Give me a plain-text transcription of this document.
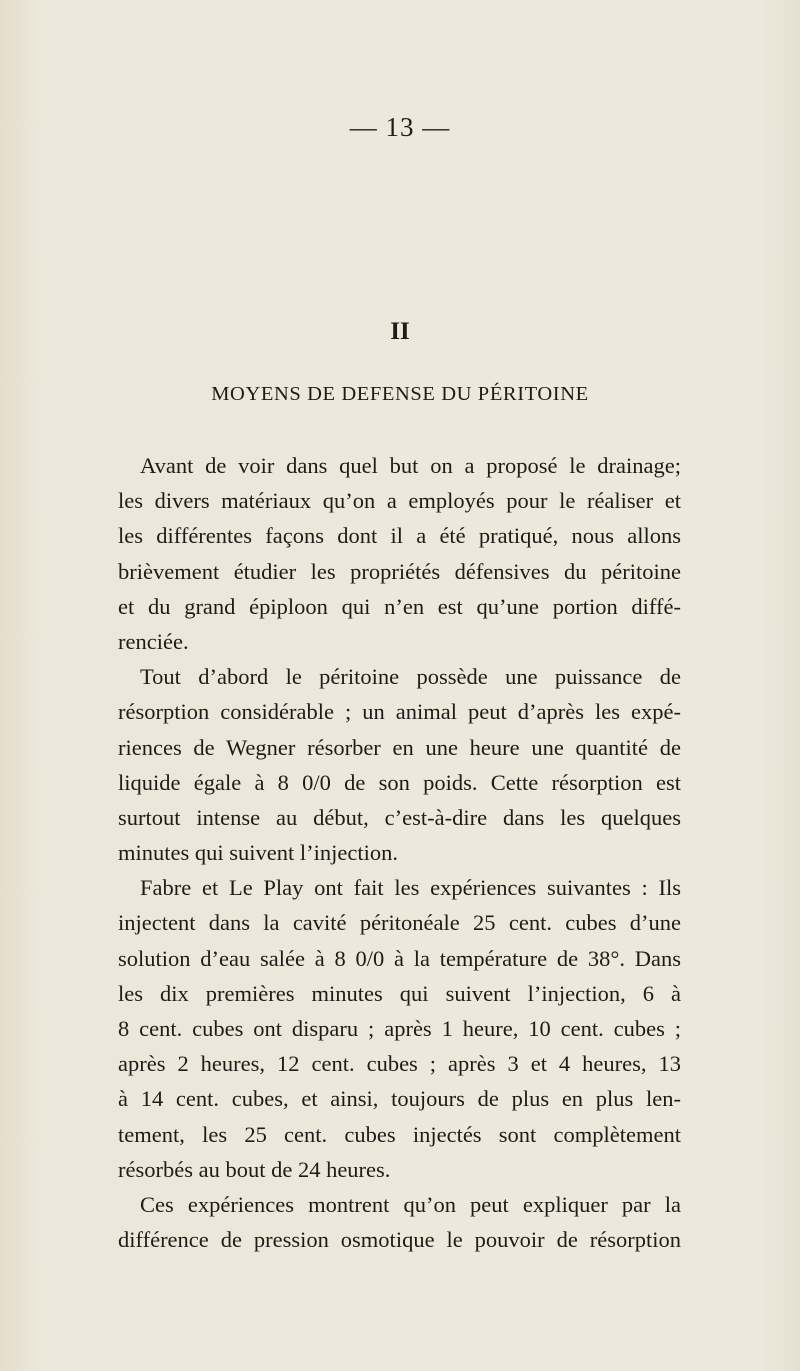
— 13 —
II
MOYENS DE DEFENSE DU PÉRITOINE
Avant de voir dans quel but on a proposé le drainage;
les divers matériaux qu’on a employés pour le réaliser et
les différentes façons dont il a été pratiqué, nous allons
brièvement étudier les propriétés défensives du péritoine
et du grand épiploon qui n’en est qu’une portion diffé-
renciée.
Tout d’abord le péritoine possède une puissance de
résorption considérable ; un animal peut d’après les expé-
riences de Wegner résorber en une heure une quantité de
liquide égale à 8 0/0 de son poids. Cette résorption est
surtout intense au début, c’est-à-dire dans les quelques
minutes qui suivent l’injection.
Fabre et Le Play ont fait les expériences suivantes : Ils
injectent dans la cavité péritonéale 25 cent. cubes d’une
solution d’eau salée à 8 0/0 à la température de 38°. Dans
les dix premières minutes qui suivent l’injection, 6 à
8 cent. cubes ont disparu ; après 1 heure, 10 cent. cubes ;
après 2 heures, 12 cent. cubes ; après 3 et 4 heures, 13
à 14 cent. cubes, et ainsi, toujours de plus en plus len-
tement, les 25 cent. cubes injectés sont complètement
résorbés au bout de 24 heures.
Ces expériences montrent qu’on peut expliquer par la
différence de pression osmotique le pouvoir de résorption
